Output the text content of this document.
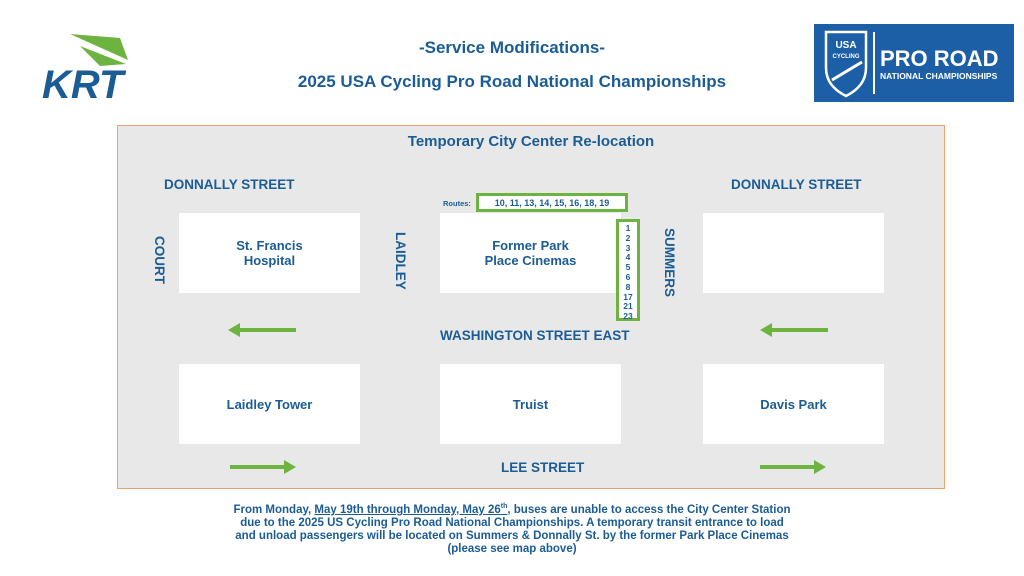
KRT
-Service Modifications-
2025 USA Cycling Pro Road National Championships
USA
CYCLING PRO ROAD
NATIONAL CHAMPIONSHIPS
Temporary City Center Re-location
DONNALLY STREET	DONNALLY STREET
WASHINGTON STREET EAST
LEE STREET
COURT	LAIDLEY	SUMMERS
St. Francis
Hospital
Former Park
Place Cinemas
Laidley Tower	Truist	Davis Park
Routes:	10, 11, 13, 14, 15, 16, 18, 19
1
2
3
4
5
6
8
17
21
23
From Monday, May 19th through Monday, May 26th, buses are unable to access the City Center Station
due to the 2025 US Cycling Pro Road National Championships. A temporary transit entrance to load
and unload passengers will be located on Summers & Donnally St. by the former Park Place Cinemas
(please see map above)
